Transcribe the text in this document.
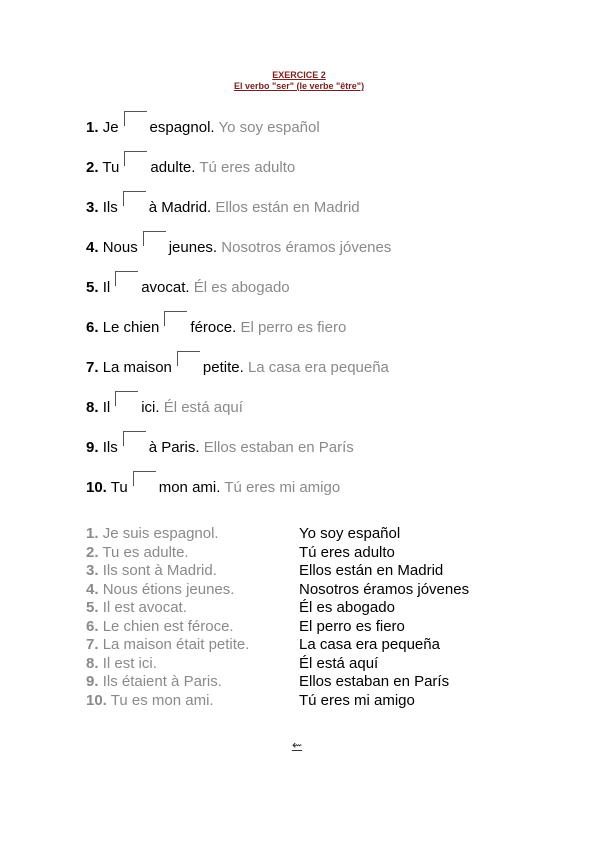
EXERCICE 2
El verbo "ser" (le verbe "être")
1. Je espagnol. Yo soy español
2. Tu adulte. Tú eres adulto
3. Ils à Madrid. Ellos están en Madrid
4. Nous jeunes. Nosotros éramos jóvenes
5. Il avocat. Él es abogado
6. Le chien féroce. El perro es fiero
7. La maison petite. La casa era pequeña
8. Il ici. Él está aquí
9. Ils à Paris. Ellos estaban en París
10. Tu mon ami. Tú eres mi amigo
1. Je suis espagnol.	Yo soy español
2. Tu es adulte.	Tú eres adulto
3. Ils sont à Madrid.	Ellos están en Madrid
4. Nous étions jeunes.	Nosotros éramos jóvenes
5. Il est avocat.	Él es abogado
6. Le chien est féroce.	El perro es fiero
7. La maison était petite.	La casa era pequeña
8. Il est ici.	Él está aquí
9. Ils étaient à Paris.	Ellos estaban en París
10. Tu es mon ami.	Tú eres mi amigo
⇜
